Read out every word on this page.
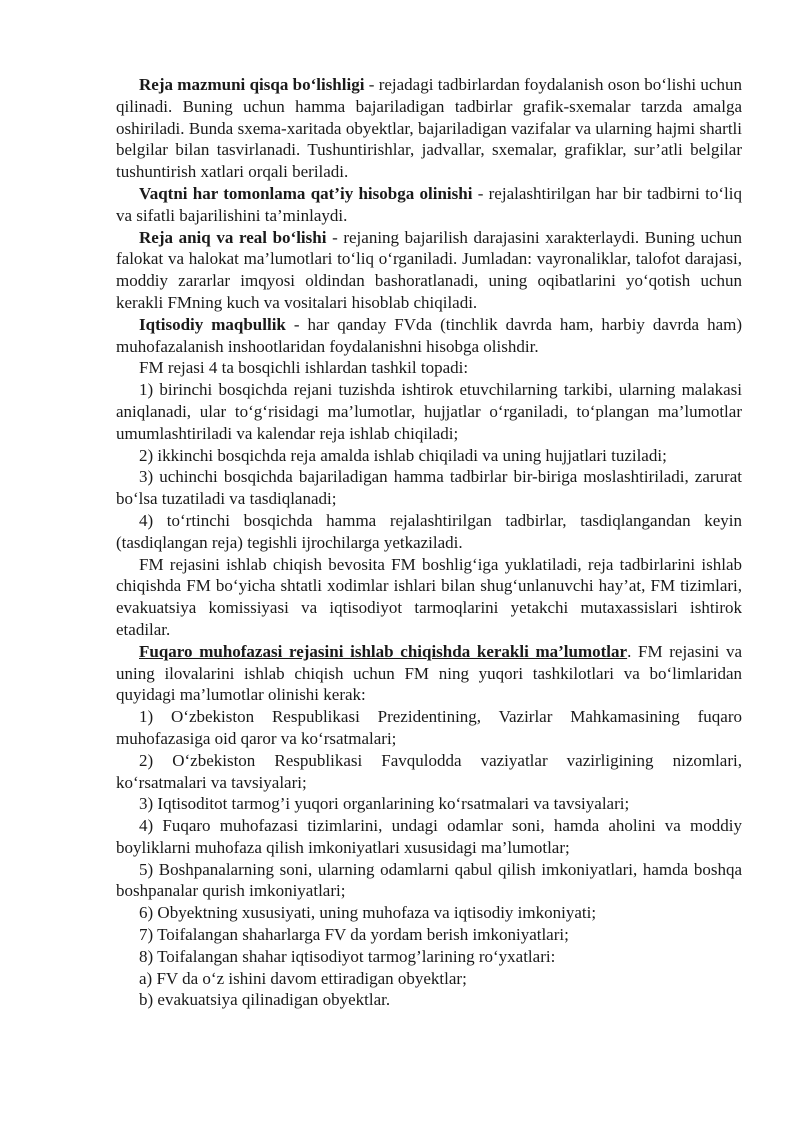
Reja mazmuni qisqa bo‘lishligi - rejadagi tadbirlardan foydalanish oson bo‘lishi uchun qilinadi. Buning uchun hamma bajariladigan tadbirlar grafik-sxemalar tarzda amalga oshiriladi. Bunda sxema-xaritada obyektlar, bajariladigan vazifalar va ularning hajmi shartli belgilar bilan tasvirlanadi. Tushuntirishlar, jadvallar, sxemalar, grafiklar, sur’atli belgilar tushuntirish xatlari orqali beriladi.

Vaqtni har tomonlama qat’iy hisobga olinishi - rejalashtirilgan har bir tadbirni to‘liq va sifatli bajarilishini ta’minlaydi.

Reja aniq va real bo‘lishi - rejaning bajarilish darajasini xarakterlaydi. Buning uchun falokat va halokat ma’lumotlari to‘liq o‘rganiladi. Jumladan: vayronaliklar, talofot darajasi, moddiy zararlar imqyosi oldindan bashoratlanadi, uning oqibatlarini yo‘qotish uchun kerakli FMning kuch va vositalari hisoblab chiqiladi.

Iqtisodiy maqbullik - har qanday FVda (tinchlik davrda ham, harbiy davrda ham) muhofazalanish inshootlaridan foydalanishni hisobga olishdir.

FM rejasi 4 ta bosqichli ishlardan tashkil topadi:

1) birinchi bosqichda rejani tuzishda ishtirok etuvchilarning tarkibi, ularning malakasi aniqlanadi, ular to‘g‘risidagi ma’lumotlar, hujjatlar o‘rganiladi, to‘plangan ma’lumotlar umumlashtiriladi va kalendar reja ishlab chiqiladi;

2) ikkinchi bosqichda reja amalda ishlab chiqiladi va uning hujjatlari tuziladi;

3) uchinchi bosqichda bajariladigan hamma tadbirlar bir-biriga moslashtiriladi, zarurat bo‘lsa tuzatiladi va tasdiqlanadi;

4) to‘rtinchi bosqichda hamma rejalashtirilgan tadbirlar, tasdiqlangandan keyin (tasdiqlangan reja) tegishli ijrochilarga yetkaziladi.

FM rejasini ishlab chiqish bevosita FM boshlig‘iga yuklatiladi, reja tadbirlarini ishlab chiqishda FM bo‘yicha shtatli xodimlar ishlari bilan shug‘unlanuvchi hay’at, FM tizimlari, evakuatsiya komissiyasi va iqtisodiyot tarmoqlarini yetakchi mutaxassislari ishtirok etadilar.

Fuqaro muhofazasi rejasini ishlab chiqishda kerakli ma’lumotlar. FM rejasini va uning ilovalarini ishlab chiqish uchun FM ning yuqori tashkilotlari va bo‘limlaridan quyidagi ma’lumotlar olinishi kerak:

1) O‘zbekiston Respublikasi Prezidentining, Vazirlar Mahkamasining fuqaro muhofazasiga oid qaror va ko‘rsatmalari;

2) O‘zbekiston Respublikasi Favqulodda vaziyatlar vazirligining nizomlari, ko‘rsatmalari va tavsiyalari;

3) Iqtisoditot tarmog’i yuqori organlarining ko‘rsatmalari va tavsiyalari;

4) Fuqaro muhofazasi tizimlarini, undagi odamlar soni, hamda aholini va moddiy boyliklarni muhofaza qilish imkoniyatlari xususidagi ma’lumotlar;

5) Boshpanalarning soni, ularning odamlarni qabul qilish imkoniyatlari, hamda boshqa boshpanalar qurish imkoniyatlari;

6) Obyektning xususiyati, uning muhofaza va iqtisodiy imkoniyati;

7) Toifalangan shaharlarga FV da yordam berish imkoniyatlari;

8) Toifalangan shahar iqtisodiyot tarmog’larining ro‘yxatlari:

a) FV da o‘z ishini davom ettiradigan obyektlar;

b) evakuatsiya qilinadigan obyektlar.
